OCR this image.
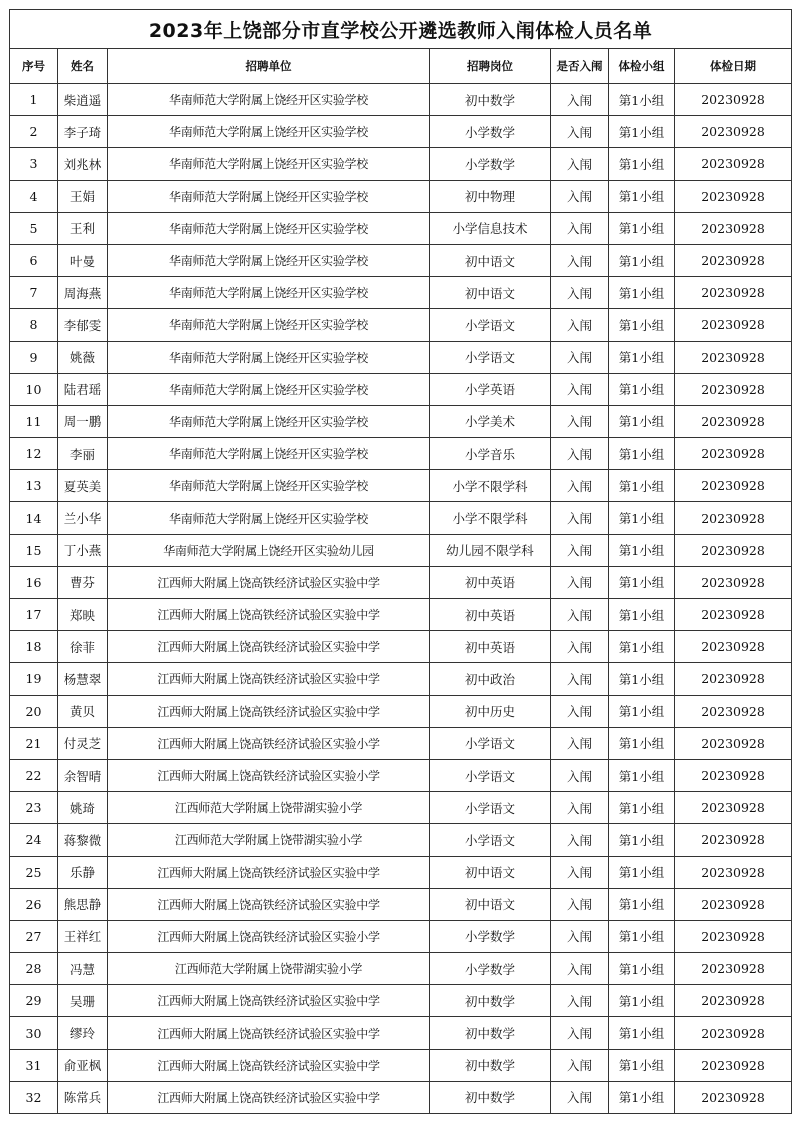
2023年上饶部分市直学校公开遴选教师入闱体检人员名单						
序号	姓名	招聘单位	招聘岗位	是否入闱	体检小组	体检日期
1	柴逍遥	华南师范大学附属上饶经开区实验学校	初中数学	入闱	第1小组	20230928
2	李子琦	华南师范大学附属上饶经开区实验学校	小学数学	入闱	第1小组	20230928
3	刘兆林	华南师范大学附属上饶经开区实验学校	小学数学	入闱	第1小组	20230928
4	王娟	华南师范大学附属上饶经开区实验学校	初中物理	入闱	第1小组	20230928
5	王利	华南师范大学附属上饶经开区实验学校	小学信息技术	入闱	第1小组	20230928
6	叶曼	华南师范大学附属上饶经开区实验学校	初中语文	入闱	第1小组	20230928
7	周海燕	华南师范大学附属上饶经开区实验学校	初中语文	入闱	第1小组	20230928
8	李郁雯	华南师范大学附属上饶经开区实验学校	小学语文	入闱	第1小组	20230928
9	姚薇	华南师范大学附属上饶经开区实验学校	小学语文	入闱	第1小组	20230928
10	陆君瑶	华南师范大学附属上饶经开区实验学校	小学英语	入闱	第1小组	20230928
11	周一鹏	华南师范大学附属上饶经开区实验学校	小学美术	入闱	第1小组	20230928
12	李丽	华南师范大学附属上饶经开区实验学校	小学音乐	入闱	第1小组	20230928
13	夏英美	华南师范大学附属上饶经开区实验学校	小学不限学科	入闱	第1小组	20230928
14	兰小华	华南师范大学附属上饶经开区实验学校	小学不限学科	入闱	第1小组	20230928
15	丁小燕	华南师范大学附属上饶经开区实验幼儿园	幼儿园不限学科	入闱	第1小组	20230928
16	曹芬	江西师大附属上饶高铁经济试验区实验中学	初中英语	入闱	第1小组	20230928
17	郑映	江西师大附属上饶高铁经济试验区实验中学	初中英语	入闱	第1小组	20230928
18	徐菲	江西师大附属上饶高铁经济试验区实验中学	初中英语	入闱	第1小组	20230928
19	杨慧翠	江西师大附属上饶高铁经济试验区实验中学	初中政治	入闱	第1小组	20230928
20	黄贝	江西师大附属上饶高铁经济试验区实验中学	初中历史	入闱	第1小组	20230928
21	付灵芝	江西师大附属上饶高铁经济试验区实验小学	小学语文	入闱	第1小组	20230928
22	余智晴	江西师大附属上饶高铁经济试验区实验小学	小学语文	入闱	第1小组	20230928
23	姚琦	江西师范大学附属上饶带湖实验小学	小学语文	入闱	第1小组	20230928
24	蒋黎微	江西师范大学附属上饶带湖实验小学	小学语文	入闱	第1小组	20230928
25	乐静	江西师大附属上饶高铁经济试验区实验中学	初中语文	入闱	第1小组	20230928
26	熊思静	江西师大附属上饶高铁经济试验区实验中学	初中语文	入闱	第1小组	20230928
27	王祥红	江西师大附属上饶高铁经济试验区实验小学	小学数学	入闱	第1小组	20230928
28	冯慧	江西师范大学附属上饶带湖实验小学	小学数学	入闱	第1小组	20230928
29	吴珊	江西师大附属上饶高铁经济试验区实验中学	初中数学	入闱	第1小组	20230928
30	缪玲	江西师大附属上饶高铁经济试验区实验中学	初中数学	入闱	第1小组	20230928
31	俞亚枫	江西师大附属上饶高铁经济试验区实验中学	初中数学	入闱	第1小组	20230928
32	陈常兵	江西师大附属上饶高铁经济试验区实验中学	初中数学	入闱	第1小组	20230928
